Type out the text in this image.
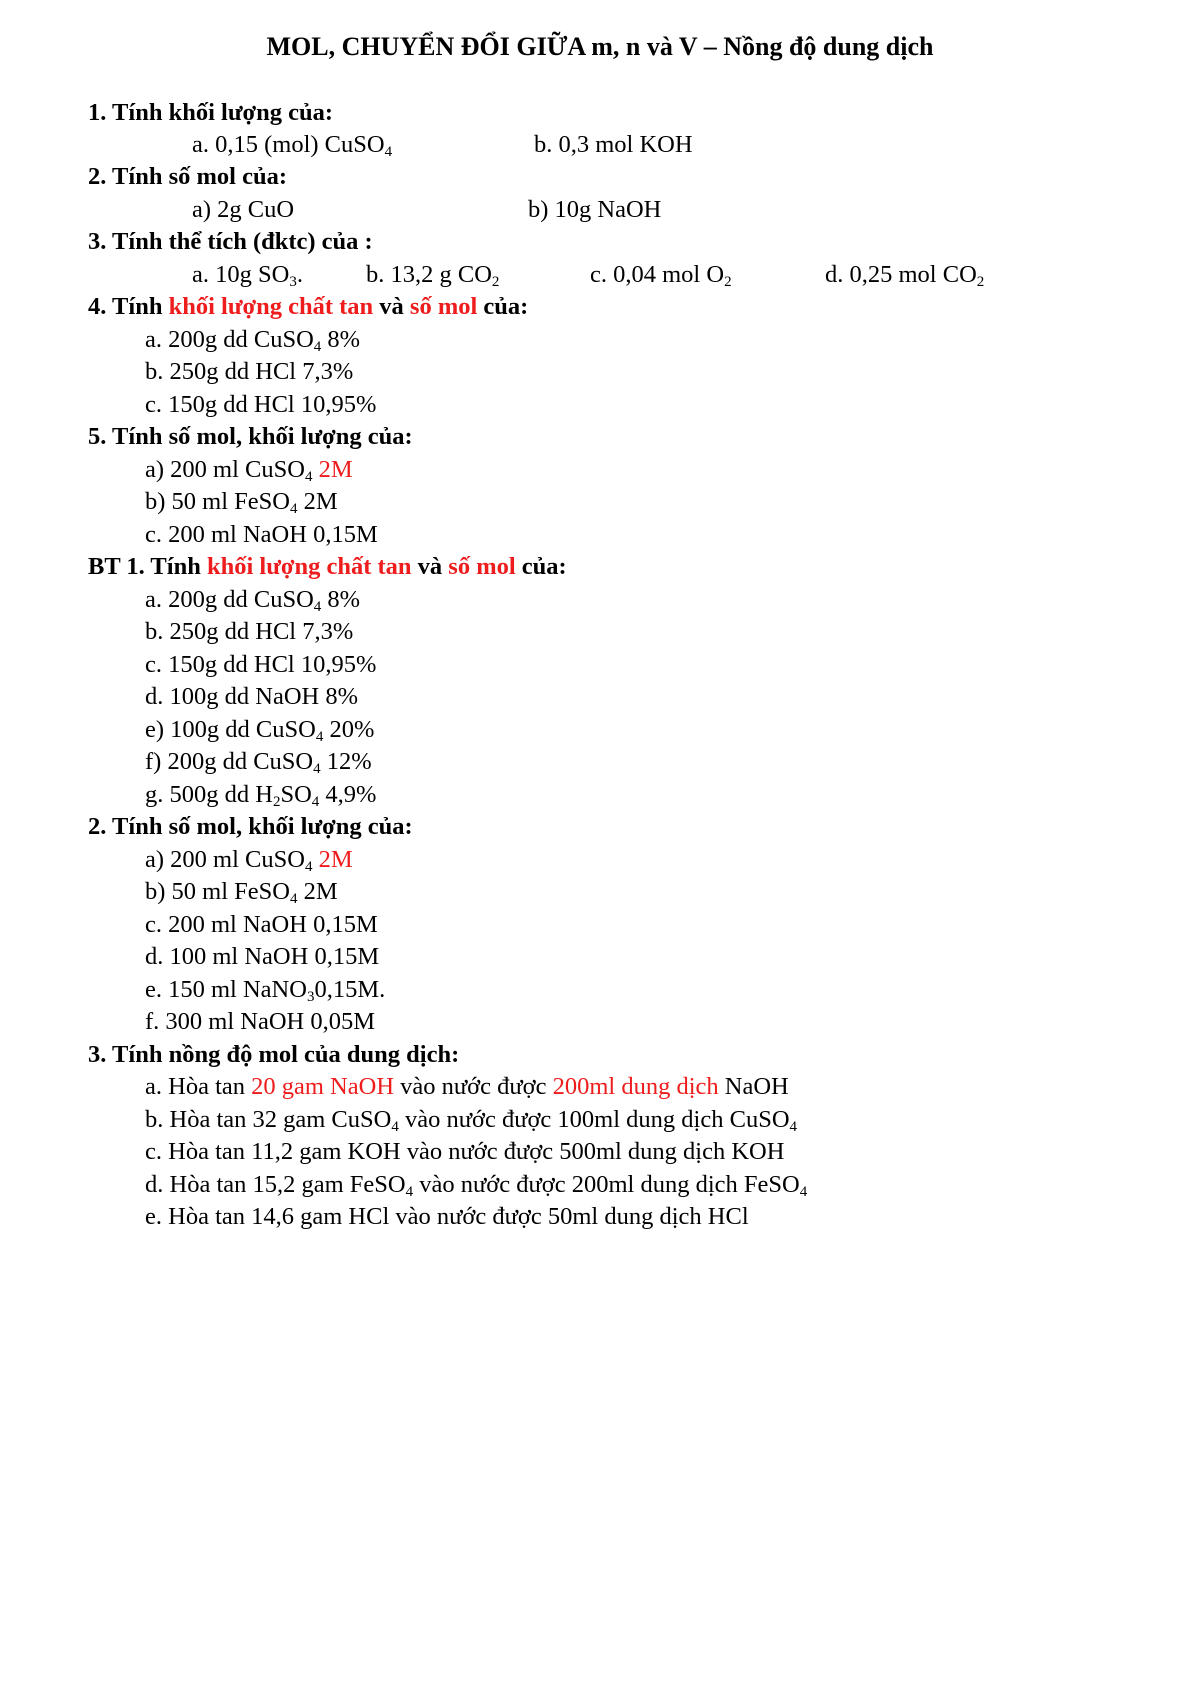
MOL, CHUYỂN ĐỔI GIỮA m, n và V – Nồng độ dung dịch
1. Tính khối lượng của:
a. 0,15 (mol) CuSO$_4$	b. 0,3 mol KOH
2. Tính số mol của:
a) 2g CuO	b) 10g NaOH
3. Tính thể tích (đktc) của :
a. 10g $SO_3$.	b. 13,2 g $CO_2$	c. 0,04 mol $O_2$	d. 0,25 mol $CO_2$
4. Tính khối lượng chất tan và số mol của:
a. 200g dd CuSO$_4$ 8%
b. 250g dd HCl 7,3%
c. 150g dd HCl 10,95%
5. Tính số mol, khối lượng của:
a) 200 ml CuSO$_4$ 2M
b) 50 ml FeSO$_4$ 2M
c. 200 ml NaOH 0,15M
BT 1. Tính khối lượng chất tan và số mol của:
a. 200g dd CuSO$_4$ 8%
b. 250g dd HCl 7,3%
c. 150g dd HCl 10,95%
d. 100g dd NaOH 8%
e) 100g dd CuSO$_4$ 20%
f) 200g dd CuSO$_4$ 12%
g. 500g dd $H_2SO_4$ 4,9%
2. Tính số mol, khối lượng của:
a) 200 ml CuSO$_4$ 2M
b) 50 ml FeSO$_4$ 2M
c. 200 ml NaOH 0,15M
d. 100 ml NaOH 0,15M
e. 150 ml NaNO$_3$0,15M.
f. 300 ml NaOH 0,05M
3. Tính nồng độ mol của dung dịch:
a. Hòa tan 20 gam NaOH vào nước được 200ml dung dịch NaOH
b. Hòa tan 32 gam CuSO$_4$ vào nước được 100ml dung dịch CuSO$_4$
c. Hòa tan 11,2 gam KOH vào nước được 500ml dung dịch KOH
d. Hòa tan 15,2 gam FeSO$_4$ vào nước được 200ml dung dịch FeSO$_4$
e. Hòa tan 14,6 gam HCl vào nước được 50ml dung dịch HCl
